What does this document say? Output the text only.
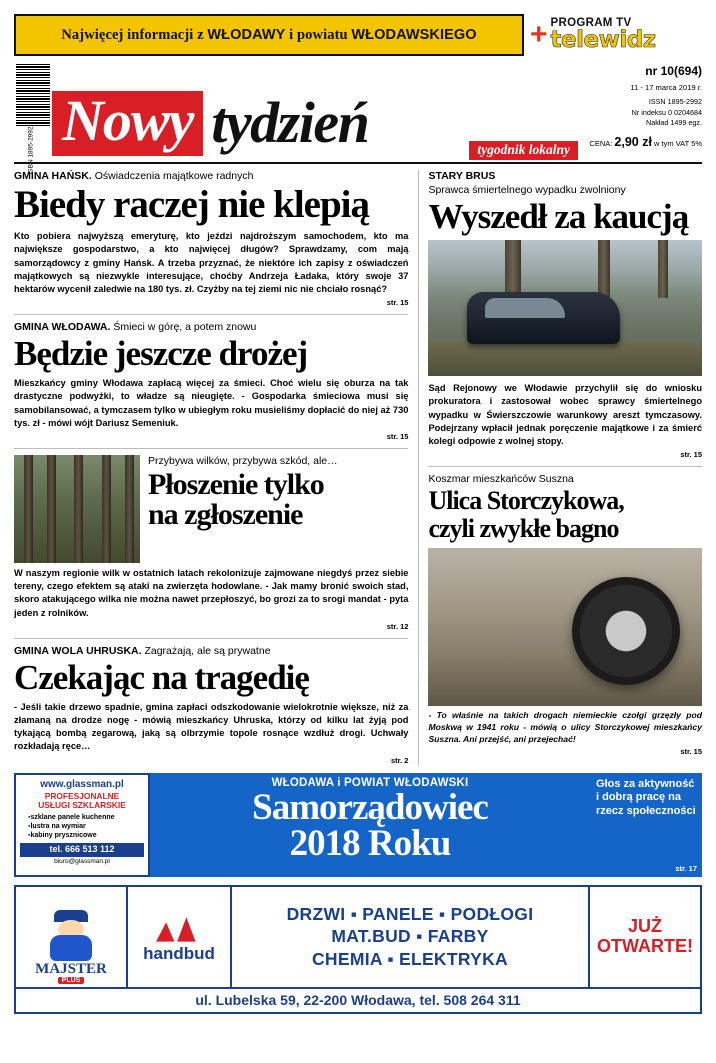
Najwięcej informacji z WŁODAWY i powiatu WŁODAWSKIEGO + PROGRAM TV
telewidz
ISBN 1895-2992 Nowy tydzień	tygodnik lokalny
nr 10(694)
11 - 17 marca 2019 r.
ISSN 1895-2992
Nr indeksu 0 0204684
Nakład 1499 egz.
CENA: 2,90 zł w tym VAT 5%
GMINA HAŃSK. Oświadczenia majątkowe radnych
Biedy raczej nie klepią
Kto pobiera najwyższą emeryturę, kto jeździ najdroższym samochodem, kto ma największe gospodarstwo, a kto najwięcej długów? Sprawdzamy, com mają samorządowcy z gminy Hańsk. A trzeba przyznać, że niektóre ich zapisy z oświadczeń majątkowych są niezwykle interesujące, choćby Andrzeja Ładaka, który swoje 37 hektarów wycenił zaledwie na 180 tys. zł. Czyżby na tej ziemi nic nie chciało rosnąć?
str. 15
GMINA WŁODAWA. Śmieci w górę, a potem znowu
Będzie jeszcze drożej
Mieszkańcy gminy Włodawa zapłacą więcej za śmieci. Choć wielu się oburza na tak drastyczne podwyżki, to władze są nieugięte. - Gospodarka śmieciowa musi się samobilansować, a tymczasem tylko w ubiegłym roku musieliśmy dopłacić do niej aż 730 tys. zł - mówi wójt Dariusz Semeniuk.
str. 15
Przybywa wilków, przybywa szkód, ale…
Płoszenie tylko
na zgłoszenie
W naszym regionie wilk w ostatnich latach rekolonizuje zajmowane niegdyś przez siebie tereny, czego efektem są ataki na zwierzęta hodowlane. - Jak mamy bronić swoich stad, skoro atakującego wilka nie można nawet przepłoszyć, bo grozi za to srogi mandat - pyta jeden z rolników.
str. 12
GMINA WOLA UHRUSKA. Zagrażają, ale są prywatne
Czekając na tragedię
- Jeśli takie drzewo spadnie, gmina zapłaci odszkodowanie wielokrotnie większe, niż za złamaną na drodze nogę - mówią mieszkańcy Uhruska, którzy od kilku lat żyją pod tykającą bombą zegarową, jaką są olbrzymie topole rosnące wzdłuż drogi. Uchwały rozkładają ręce…
str. 2
STARY BRUS
Sprawca śmiertelnego wypadku zwolniony
Wyszedł za kaucją
Sąd Rejonowy we Włodawie przychylił się do wniosku prokuratora i zastosował wobec sprawcy śmiertelnego wypadku w Świerszczowie warunkowy areszt tymczasowy. Podejrzany wpłacił jednak poręczenie majątkowe i za śmierć kolegi odpowie z wolnej stopy.
str. 15
Koszmar mieszkańców Suszna
Ulica Storczykowa,
czyli zwykłe bagno
- To właśnie na takich drogach niemieckie czołgi grzęzły pod Moskwą w 1941 roku - mówią o ulicy Storczykowej mieszkańcy Suszna. Ani przejść, ani przejechać!
str. 15
www.glassman.pl
PROFESJONALNE
USŁUGI SZKLARSKIE
▪ szklane panele kuchenne
▪ lustra na wymiar
▪ kabiny prysznicowe
tel. 666 513 112
biuro@glassman.pl
WŁODAWA i POWIAT WŁODAWSKI
Samorządowiec
2018 Roku
Głos za aktywność i dobrą pracę na rzecz społeczności
str. 17
MAJSTER
PLUS
handbud
DRZWI ▪ PANELE ▪ PODŁOGI
MAT.BUD ▪ FARBY
CHEMIA ▪ ELEKTRYKA
JUŻ
OTWARTE!
ul. Lubelska 59, 22-200 Włodawa, tel. 508 264 311
